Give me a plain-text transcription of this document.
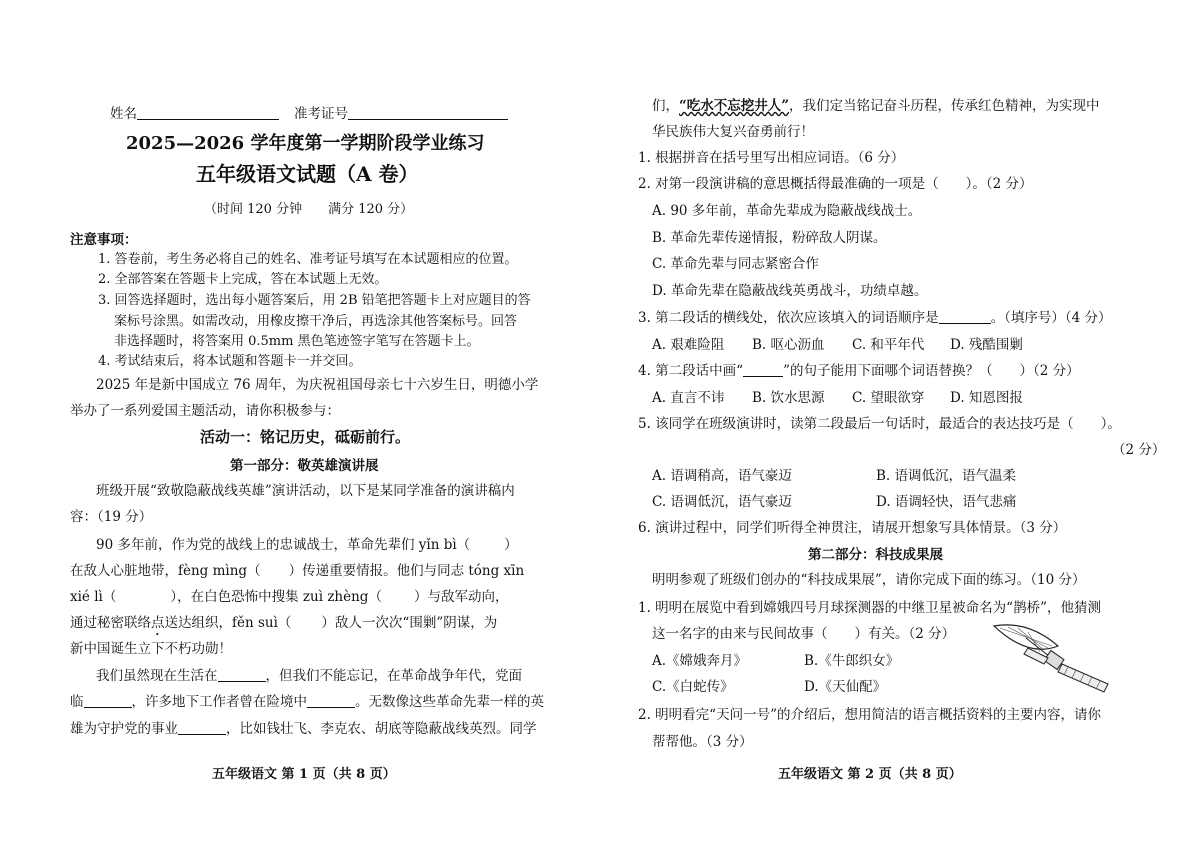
姓名	准考证号
2025—2026 学年度第一学期阶段学业练习
五年级语文试题（A 卷）
（时间 120 分钟　　满分 120 分）
注意事项：
1. 答卷前，考生务必将自己的姓名、准考证号填写在本试题相应的位置。
2. 全部答案在答题卡上完成，答在本试题上无效。
3. 回答选择题时，选出每小题答案后，用 2B 铅笔把答题卡上对应题目的答
案标号涂黑。如需改动，用橡皮擦干净后，再选涂其他答案标号。回答
非选择题时，将答案用 0.5mm 黑色笔迹签字笔写在答题卡上。
4. 考试结束后，将本试题和答题卡一并交回。
2025 年是新中国成立 76 周年，为庆祝祖国母亲七十六岁生日，明德小学
举办了一系列爱国主题活动，请你积极参与：
活动一：铭记历史，砥砺前行。
第一部分：敬英雄演讲展
班级开展“致敬隐蔽战线英雄”演讲活动，以下是某同学准备的演讲稿内
容：（19 分）
90 多年前，作为党的战线上的忠诚战士，革命先辈们 yǐn bì（	）
在敌人心脏地带，fèng mìng（ ）传递重要情报。他们与同志 tóng xīn
xié lì（	），在白色恐怖中搜集 zuì zhèng（ ）与敌军动向，
通过秘密联络点送达组织，fěn suì（ ）敌人一次次“围剿”阴谋，为
新中国诞生立下不朽功勋！
我们虽然现在生活在	，但我们不能忘记，在革命战争年代，党面
临	，许多地下工作者曾在险境中	。无数像这些革命先辈一样的英
雄为守护党的事业	，比如钱壮飞、李克农、胡底等隐蔽战线英烈。同学
五年级语文 第 1 页（共 8 页）
们，“吃水不忘挖井人”，我们定当铭记奋斗历程，传承红色精神，为实现中
华民族伟大复兴奋勇前行！
1. 根据拼音在括号里写出相应词语。（6 分）
2. 对第一段演讲稿的意思概括得最准确的一项是（　　）。（2 分）
A. 90 多年前，革命先辈成为隐蔽战线战士。
B. 革命先辈传递情报，粉碎敌人阴谋。
C. 革命先辈与同志紧密合作
D. 革命先辈在隐蔽战线英勇战斗，功绩卓越。
3. 第二段话的横线处，依次应该填入的词语顺序是	。（填序号）（4 分）
A. 艰难险阻 B. 呕心沥血 C. 和平年代 D. 残酷围剿
4. 第二段话中画“	”的句子能用下面哪个词语替换？（　　）（2 分）
A. 直言不讳 B. 饮水思源 C. 望眼欲穿 D. 知恩图报
5. 该同学在班级演讲时，读第二段最后一句话时，最适合的表达技巧是（　　）。
（2 分）
A. 语调稍高，语气豪迈	B. 语调低沉，语气温柔
C. 语调低沉，语气豪迈	D. 语调轻快，语气悲痛
6. 演讲过程中，同学们听得全神贯注，请展开想象写具体情景。（3 分）
第二部分：科技成果展
明明参观了班级们创办的“科技成果展”，请你完成下面的练习。（10 分）
1. 明明在展览中看到嫦娥四号月球探测器的中继卫星被命名为“鹊桥”，他猜测
这一名字的由来与民间故事（　　）有关。（2 分）
A.《嫦娥奔月》	B.《牛郎织女》
C.《白蛇传》	D.《天仙配》
2. 明明看完“天问一号”的介绍后，想用简洁的语言概括资料的主要内容，请你
帮帮他。（3 分）
五年级语文 第 2 页（共 8 页）
